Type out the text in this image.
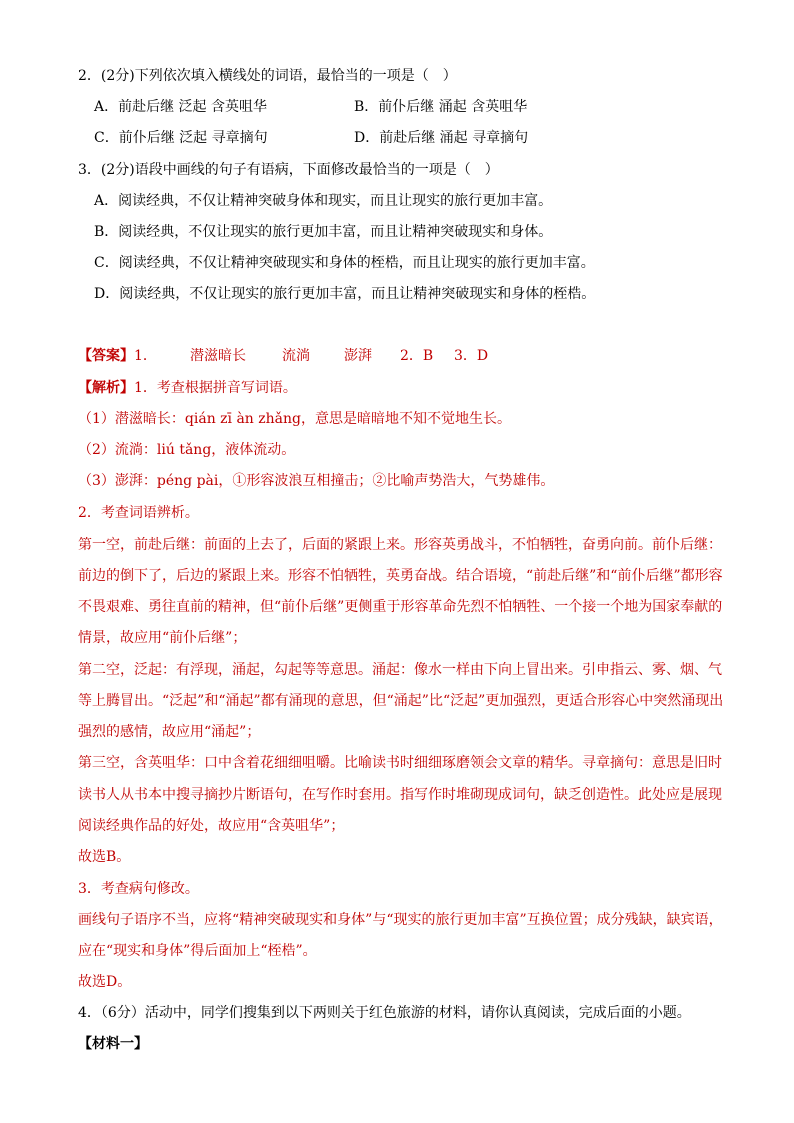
2．(2分)下列依次填入横线处的词语，最恰当的一项是（　）
A．前赴后继 泛起 含英咀华	B．前仆后继 涌起 含英咀华
C．前仆后继 泛起 寻章摘句	D．前赴后继 涌起 寻章摘句
3．(2分)语段中画线的句子有语病，下面修改最恰当的一项是（　）
A．阅读经典，不仅让精神突破身体和现实，而且让现实的旅行更加丰富。
B．阅读经典，不仅让现实的旅行更加丰富，而且让精神突破现实和身体。
C．阅读经典，不仅让精神突破现实和身体的桎梏，而且让现实的旅行更加丰富。
D．阅读经典，不仅让现实的旅行更加丰富，而且让精神突破现实和身体的桎梏。
【答案】1． 潜滋暗长	流淌 澎湃 2．B 3．D
【解析】1．考查根据拼音写词语。
（1）潜滋暗长：qián zī àn zhǎng，意思是暗暗地不知不觉地生长。
（2）流淌：liú tǎng，液体流动。
（3）澎湃：péng pài，①形容波浪互相撞击；②比喻声势浩大，气势雄伟。
2．考查词语辨析。
第一空，前赴后继：前面的上去了，后面的紧跟上来。形容英勇战斗，不怕牺牲，奋勇向前。前仆后继：
前边的倒下了，后边的紧跟上来。形容不怕牺牲，英勇奋战。结合语境，“前赴后继”和“前仆后继”都形容
不畏艰难、勇往直前的精神，但“前仆后继”更侧重于形容革命先烈不怕牺牲、一个接一个地为国家奉献的
情景，故应用“前仆后继”；
第二空，泛起：有浮现，涌起，勾起等等意思。涌起：像水一样由下向上冒出来。引申指云、雾、烟、气
等上腾冒出。“泛起”和“涌起”都有涌现的意思，但“涌起”比“泛起”更加强烈，更适合形容心中突然涌现出
强烈的感情，故应用“涌起”；
第三空，含英咀华：口中含着花细细咀嚼。比喻读书时细细琢磨领会文章的精华。寻章摘句：意思是旧时
读书人从书本中搜寻摘抄片断语句，在写作时套用。指写作时堆砌现成词句，缺乏创造性。此处应是展现
阅读经典作品的好处，故应用“含英咀华”；
故选B。
3．考查病句修改。
画线句子语序不当，应将“精神突破现实和身体”与“现实的旅行更加丰富”互换位置；成分残缺，缺宾语，
应在“现实和身体”得后面加上“桎梏”。
故选D。
4．（6分）活动中，同学们搜集到以下两则关于红色旅游的材料，请你认真阅读，完成后面的小题。
【材料一】
